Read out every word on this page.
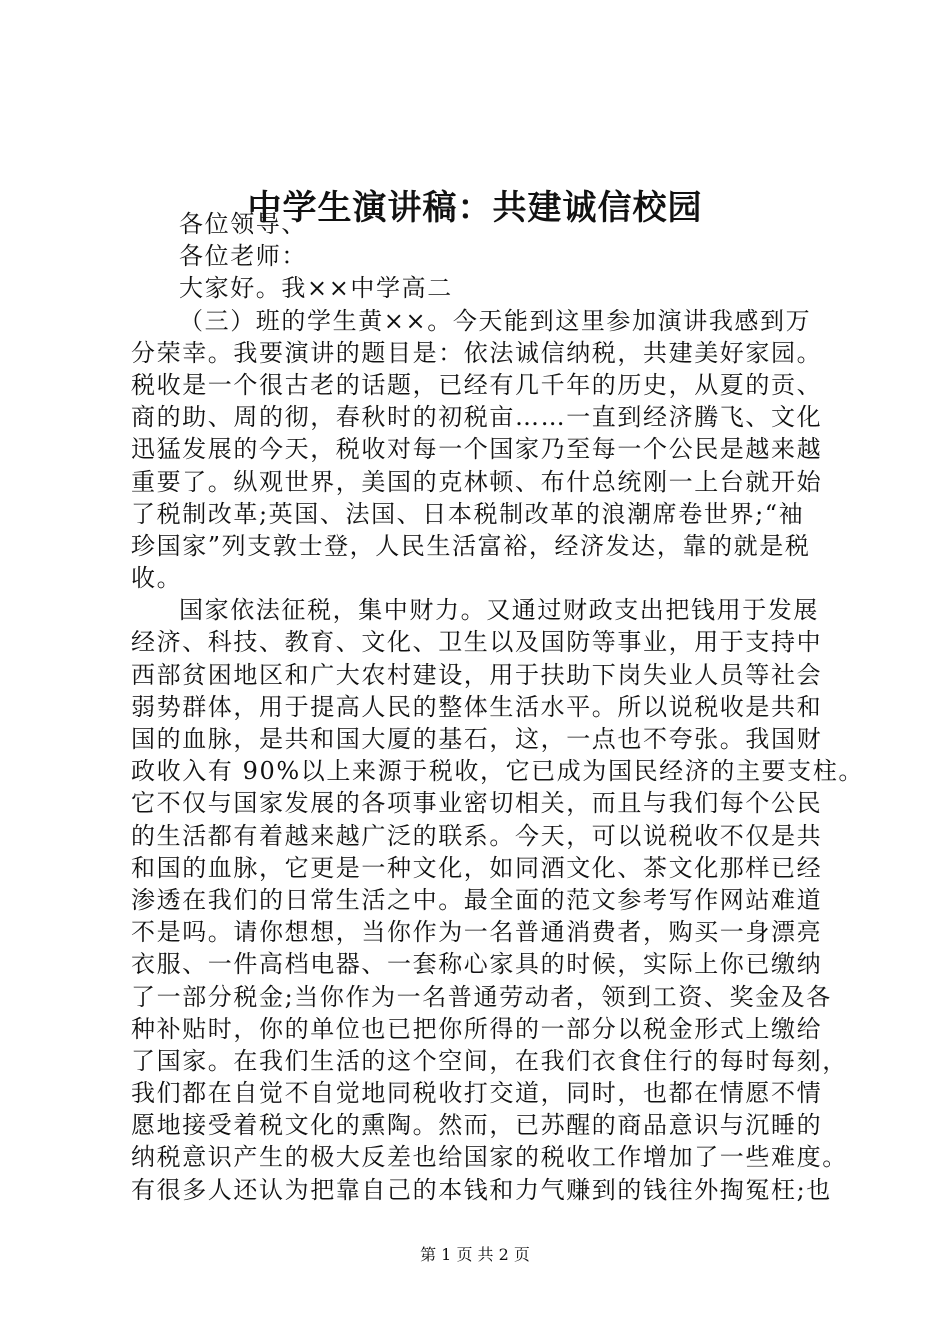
中学生演讲稿：共建诚信校园
各位领导、
各位老师：
大家好。我××中学高二
（三）班的学生黄××。今天能到这里参加演讲我感到万
分荣幸。我要演讲的题目是：依法诚信纳税，共建美好家园。
税收是一个很古老的话题，已经有几千年的历史，从夏的贡、
商的助、周的彻，春秋时的初税亩……一直到经济腾飞、文化
迅猛发展的今天，税收对每一个国家乃至每一个公民是越来越
重要了。纵观世界，美国的克林顿、布什总统刚一上台就开始
了税制改革;英国、法国、日本税制改革的浪潮席卷世界;“袖
珍国家”列支敦士登，人民生活富裕，经济发达，靠的就是税
收。
国家依法征税，集中财力。又通过财政支出把钱用于发展
经济、科技、教育、文化、卫生以及国防等事业，用于支持中
西部贫困地区和广大农村建设，用于扶助下岗失业人员等社会
弱势群体，用于提高人民的整体生活水平。所以说税收是共和
国的血脉，是共和国大厦的基石，这，一点也不夸张。我国财
政收入有 90%以上来源于税收，它已成为国民经济的主要支柱。
它不仅与国家发展的各项事业密切相关，而且与我们每个公民
的生活都有着越来越广泛的联系。今天，可以说税收不仅是共
和国的血脉，它更是一种文化，如同酒文化、茶文化那样已经
渗透在我们的日常生活之中。最全面的范文参考写作网站难道
不是吗。请你想想，当你作为一名普通消费者，购买一身漂亮
衣服、一件高档电器、一套称心家具的时候，实际上你已缴纳
了一部分税金;当你作为一名普通劳动者，领到工资、奖金及各
种补贴时，你的单位也已把你所得的一部分以税金形式上缴给
了国家。在我们生活的这个空间，在我们衣食住行的每时每刻，
我们都在自觉不自觉地同税收打交道，同时，也都在情愿不情
愿地接受着税文化的熏陶。然而，已苏醒的商品意识与沉睡的
纳税意识产生的极大反差也给国家的税收工作增加了一些难度。
有很多人还认为把靠自己的本钱和力气赚到的钱往外掏冤枉;也
第 1 页 共 2 页
